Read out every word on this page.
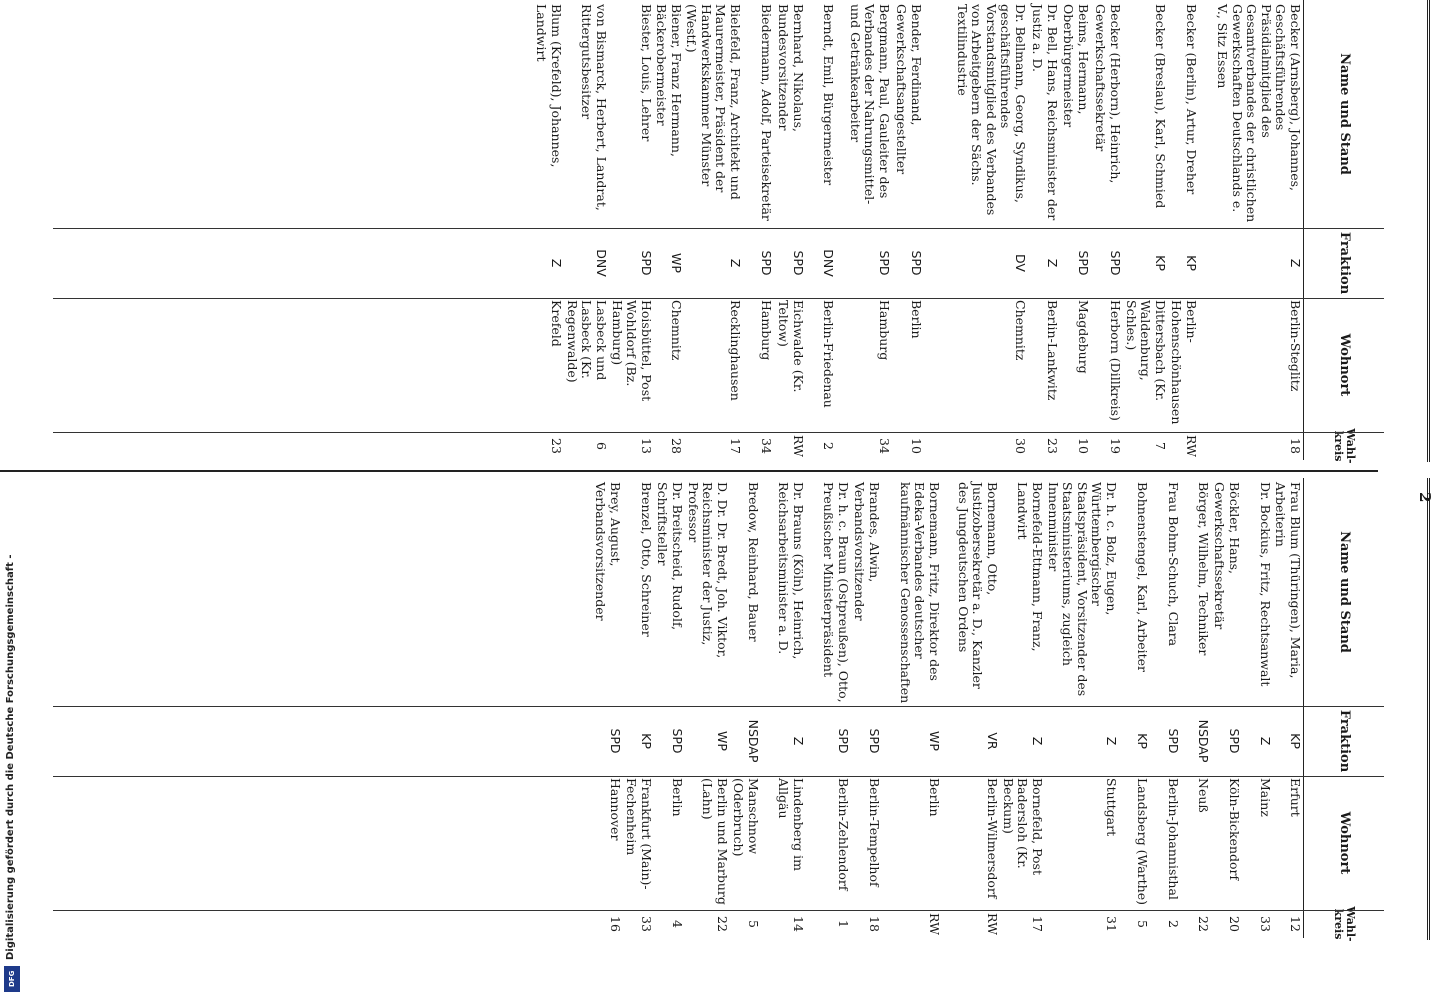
2
Name und Stand
Fraktion
Wohnort
Wahl-kreis
Becker (Arnsberg), Johannes, Geschäftsführendes Präsidialmitglied des Gesamtverbandes der christlichen Gewerkschaften Deutschlands e. V., Sitz Essen
Z
Berlin-Steglitz
18
Becker (Berlin), Artur, Dreher
KP
Berlin-Hohenschönhausen
RW
Becker (Breslau), Karl, Schmied
KP
Dittersbach (Kr. Waldenburg, Schles.)
7
Becker (Herborn), Heinrich, Gewerkschaftssekretär
SPD
Herborn (Dillkreis)
19
Beims, Hermann, Oberbürgermeister
SPD
Magdeburg
10
Dr. Bell, Hans, Reichsminister der Justiz a. D.
Z
Berlin-Lankwitz
23
Dr. Bellmann, Georg, Syndikus, geschäftsführendes Vorstandsmitglied des Verbandes von Arbeitgebern der Sächs. Textilindustrie
DV
Chemnitz
30
Bender, Ferdinand, Gewerkschaftsangestellter
SPD
Berlin
10
Bergmann, Paul, Gauleiter des Verbandes der Nahrungsmittel- und Getränkearbeiter
SPD
Hamburg
34
Berndt, Emil, Bürgermeister
DNV
Berlin-Friedenau
2
Bernhard, Nikolaus, Bundesvorsitzender
SPD
Eichwalde (Kr. Teltow)
RW
Biedermann, Adolf, Parteisekretär
SPD
Hamburg
34
Bielefeld, Franz, Architekt und Maurermeister, Präsident der Handwerkskammer Münster (Westf.)
Z
Recklinghausen
17
Biener, Franz Hermann, Bäckerobermeister
WP
Chemnitz
28
Biester, Louis, Lehrer
SPD
Hoisbüttel, Post Wohldorf (Bz. Hamburg)
13
von Bismarck, Herbert, Landrat, Rittergutsbesitzer
DNV
Lasbeck und Lasbeck (Kr. Regenwalde)
6
Blum (Krefeld), Johannes, Landwirt
Z
Krefeld
23
Name und Stand
Fraktion
Wohnort
Wahl-kreis
Frau Blum (Thüringen), Maria, Arbeiterin
KP
Erfurt
12
Dr. Bockius, Fritz, Rechtsanwalt
Z
Mainz
33
Böckler, Hans, Gewerkschaftssekretär
SPD
Köln-Bickendorf
20
Börger, Wilhelm, Techniker
NSDAP
Neuß
22
Frau Bohm-Schuch, Clara
SPD
Berlin-Johannisthal
2
Bohnenstengel, Karl, Arbeiter
KP
Landsberg (Warthe)
5
Dr. h. c. Bolz, Eugen, Württembergischer Staatspräsident, Vorsitzender des Staatsministeriums, zugleich Innenminister
Z
Stuttgart
31
Bornefeld-Ettmann, Franz, Landwirt
Z
Bornefeld, Post Badersloh (Kr. Beckum)
17
Bornemann, Otto, Justizobersekretär a. D., Kanzler des Jungdeutschen Ordens
VR
Berlin-Wilmersdorf
RW
Bornemann, Fritz, Direktor des Edeka-Verbandes deutscher kaufmännischer Genossenschaften
WP
Berlin
RW
Brandes, Alwin, Verbandsvorsitzender
SPD
Berlin-Tempelhof
18
Dr. h. c. Braun (Ostpreußen), Otto, Preußischer Ministerpräsident
SPD
Berlin-Zehlendorf
1
Dr. Brauns (Köln), Heinrich, Reichsarbeitsminister a. D.
Z
Lindenberg im Allgäu
14
Bredow, Reinhard, Bauer
NSDAP
Manschnow (Oderbruch)
5
D. Dr. Dr. Bredt, Joh. Viktor, Reichsminister der Justiz, Professor
WP
Berlin und Marburg (Lahn)
22
Dr. Breitscheid, Rudolf, Schriftsteller
SPD
Berlin
4
Brenzel, Otto, Schreiner
KP
Frankfurt (Main)-Fechenheim
33
Brey, August, Verbandsvorsitzender
SPD
Hannover
16
Digitalisierung gefördert durch die Deutsche Forschungsgemeinschaft -
DFG
